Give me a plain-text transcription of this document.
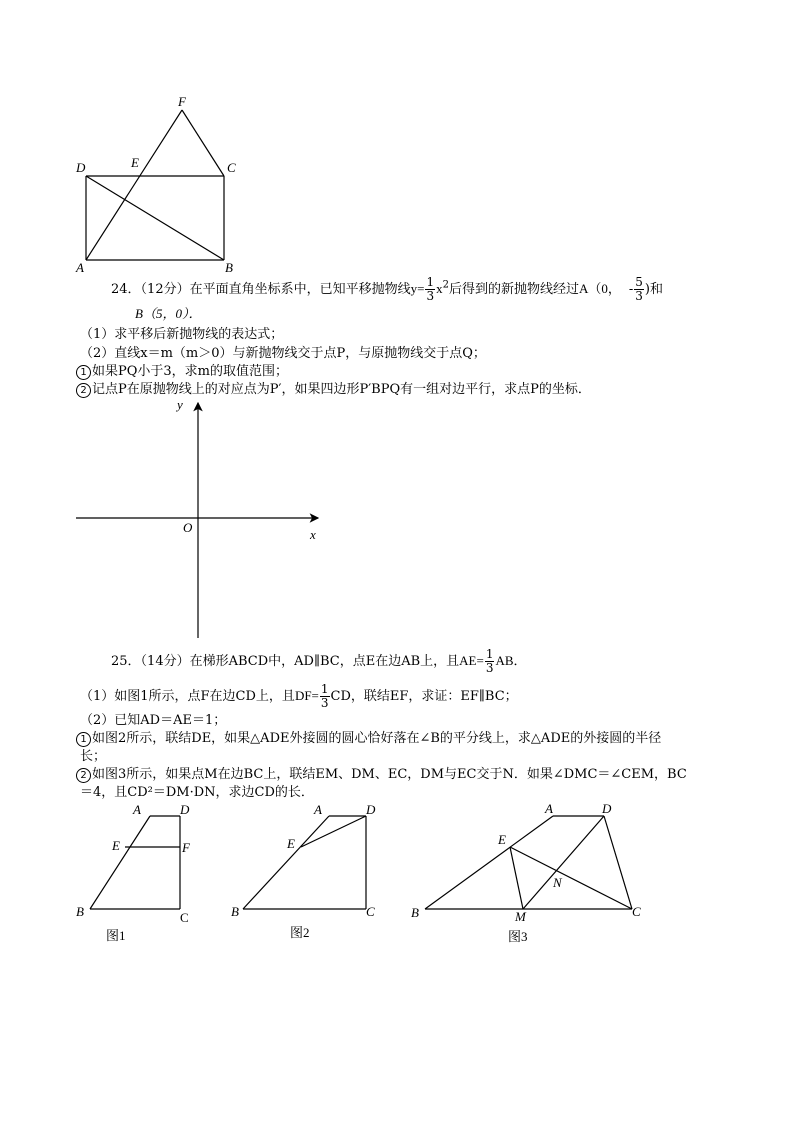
F
D	E	C
A	B
24．（12分）在平面直角坐标系中，已知平移抛物线$y= \frac{1}{3} x^2$后得到的新抛物线经过A（0， - $\frac{5}{3}$ )和
B（5，0）．
（1）求平移后新抛物线的表达式；
（2）直线x＝m（m＞0）与新抛物线交于点P，与原抛物线交于点Q；
1 如果PQ小于3，求m的取值范围；
2 记点P在原抛物线上的对应点为P′，如果四边形P′BPQ有一组对边平行，求点P的坐标．
y
x
O
25．（14分）在梯形ABCD中，AD∥BC，点E在边AB上，且$AE= \frac{1}{3}$ AB．
（1）如图1所示，点F在边CD上，且$DF= \frac{1}{3}$ CD，联结EF，求证：EF∥BC；
（2）已知AD＝AE＝1；
1 如图2所示，联结DE，如果△ADE外接圆的圆心恰好落在∠B的平分线上，求△ADE的外接圆的半径
长；
2 如图3所示，如果点M在边BC上，联结EM、DM、EC，DM与EC交于N．如果∠DMC＝∠CEM，BC
＝4，且CD²＝DM·DN，求边CD的长．
A	D
E	F
B	C
图1
A	D
E
B	C
图2
A	D
E
N
B	M	C
图3
